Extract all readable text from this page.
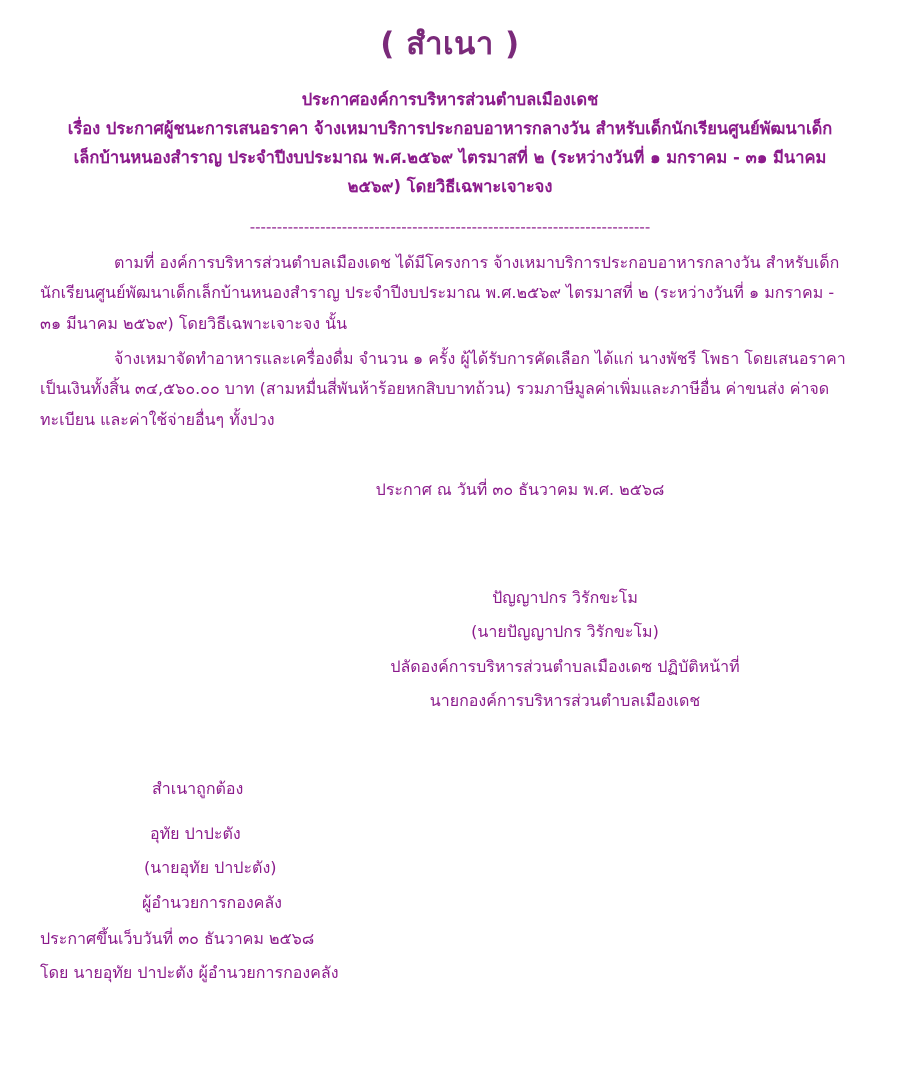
( สำเนา )
ประกาศองค์การบริหารส่วนตำบลเมืองเดช
เรื่อง ประกาศผู้ชนะการเสนอราคา จ้างเหมาบริการประกอบอาหารกลางวัน สำหรับเด็กนักเรียนศูนย์พัฒนาเด็ก
เล็กบ้านหนองสำราญ ประจำปีงบประมาณ พ.ศ.๒๕๖๙ ไตรมาสที่ ๒ (ระหว่างวันที่ ๑ มกราคม - ๓๑ มีนาคม
๒๕๖๙) โดยวิธีเฉพาะเจาะจง
--------------------------------------------------------------------------

ตามที่ องค์การบริหารส่วนตำบลเมืองเดช ได้มีโครงการ จ้างเหมาบริการประกอบอาหารกลางวัน สำหรับเด็กนักเรียนศูนย์พัฒนาเด็กเล็กบ้านหนองสำราญ ประจำปีงบประมาณ พ.ศ.๒๕๖๙ ไตรมาสที่ ๒ (ระหว่างวันที่ ๑ มกราคม - ๓๑ มีนาคม ๒๕๖๙) โดยวิธีเฉพาะเจาะจง นั้น

จ้างเหมาจัดทำอาหารและเครื่องดื่ม จำนวน ๑ ครั้ง ผู้ได้รับการคัดเลือก ได้แก่ นางพัชรี โพธา โดยเสนอราคา เป็นเงินทั้งสิ้น ๓๔,๕๖๐.๐๐ บาท (สามหมื่นสี่พันห้าร้อยหกสิบบาทถ้วน) รวมภาษีมูลค่าเพิ่มและภาษีอื่น ค่าขนส่ง ค่าจดทะเบียน และค่าใช้จ่ายอื่นๆ ทั้งปวง

ประกาศ ณ วันที่ ๓๐ ธันวาคม พ.ศ. ๒๕๖๘
ปัญญาปกร วิรักขะโม
(นายปัญญาปกร วิรักขะโม)
ปลัดองค์การบริหารส่วนตำบลเมืองเดซ ปฏิบัติหน้าที่
นายกองค์การบริหารส่วนตำบลเมืองเดช
สำเนาถูกต้อง
อุทัย ปาปะตัง
(นายอุทัย ปาปะตัง)
ผู้อำนวยการกองคลัง
ประกาศขึ้นเว็บวันที่ ๓๐ ธันวาคม ๒๕๖๘
โดย นายอุทัย ปาปะตัง ผู้อำนวยการกองคลัง
